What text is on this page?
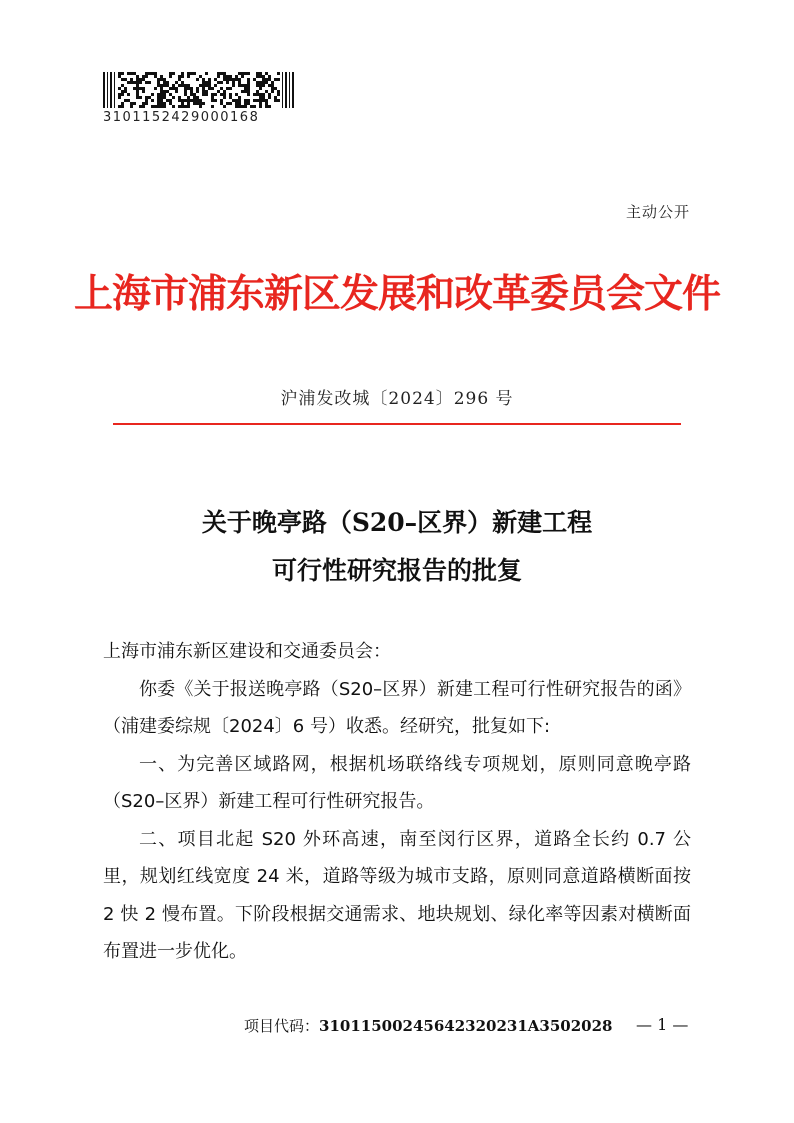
3101152429000168
主动公开
上海市浦东新区发展和改革委员会文件
沪浦发改城〔2024〕296 号
关于晚亭路（S20–区界）新建工程
可行性研究报告的批复

上海市浦东新区建设和交通委员会：

你委《关于报送晚亭路（S20–区界）新建工程可行性研究报告的函》（浦建委综规〔2024〕6 号）收悉。经研究，批复如下:

一、为完善区域路网，根据机场联络线专项规划，原则同意晚亭路（S20–区界）新建工程可行性研究报告。

二、项目北起 S20 外环高速，南至闵行区界，道路全长约 0.7 公里，规划红线宽度 24 米，道路等级为城市支路，原则同意道路横断面按 2 快 2 慢布置。下阶段根据交通需求、地块规划、绿化率等因素对横断面布置进一步优化。

项目代码：31011500245642320231A3502028 — 1 —
